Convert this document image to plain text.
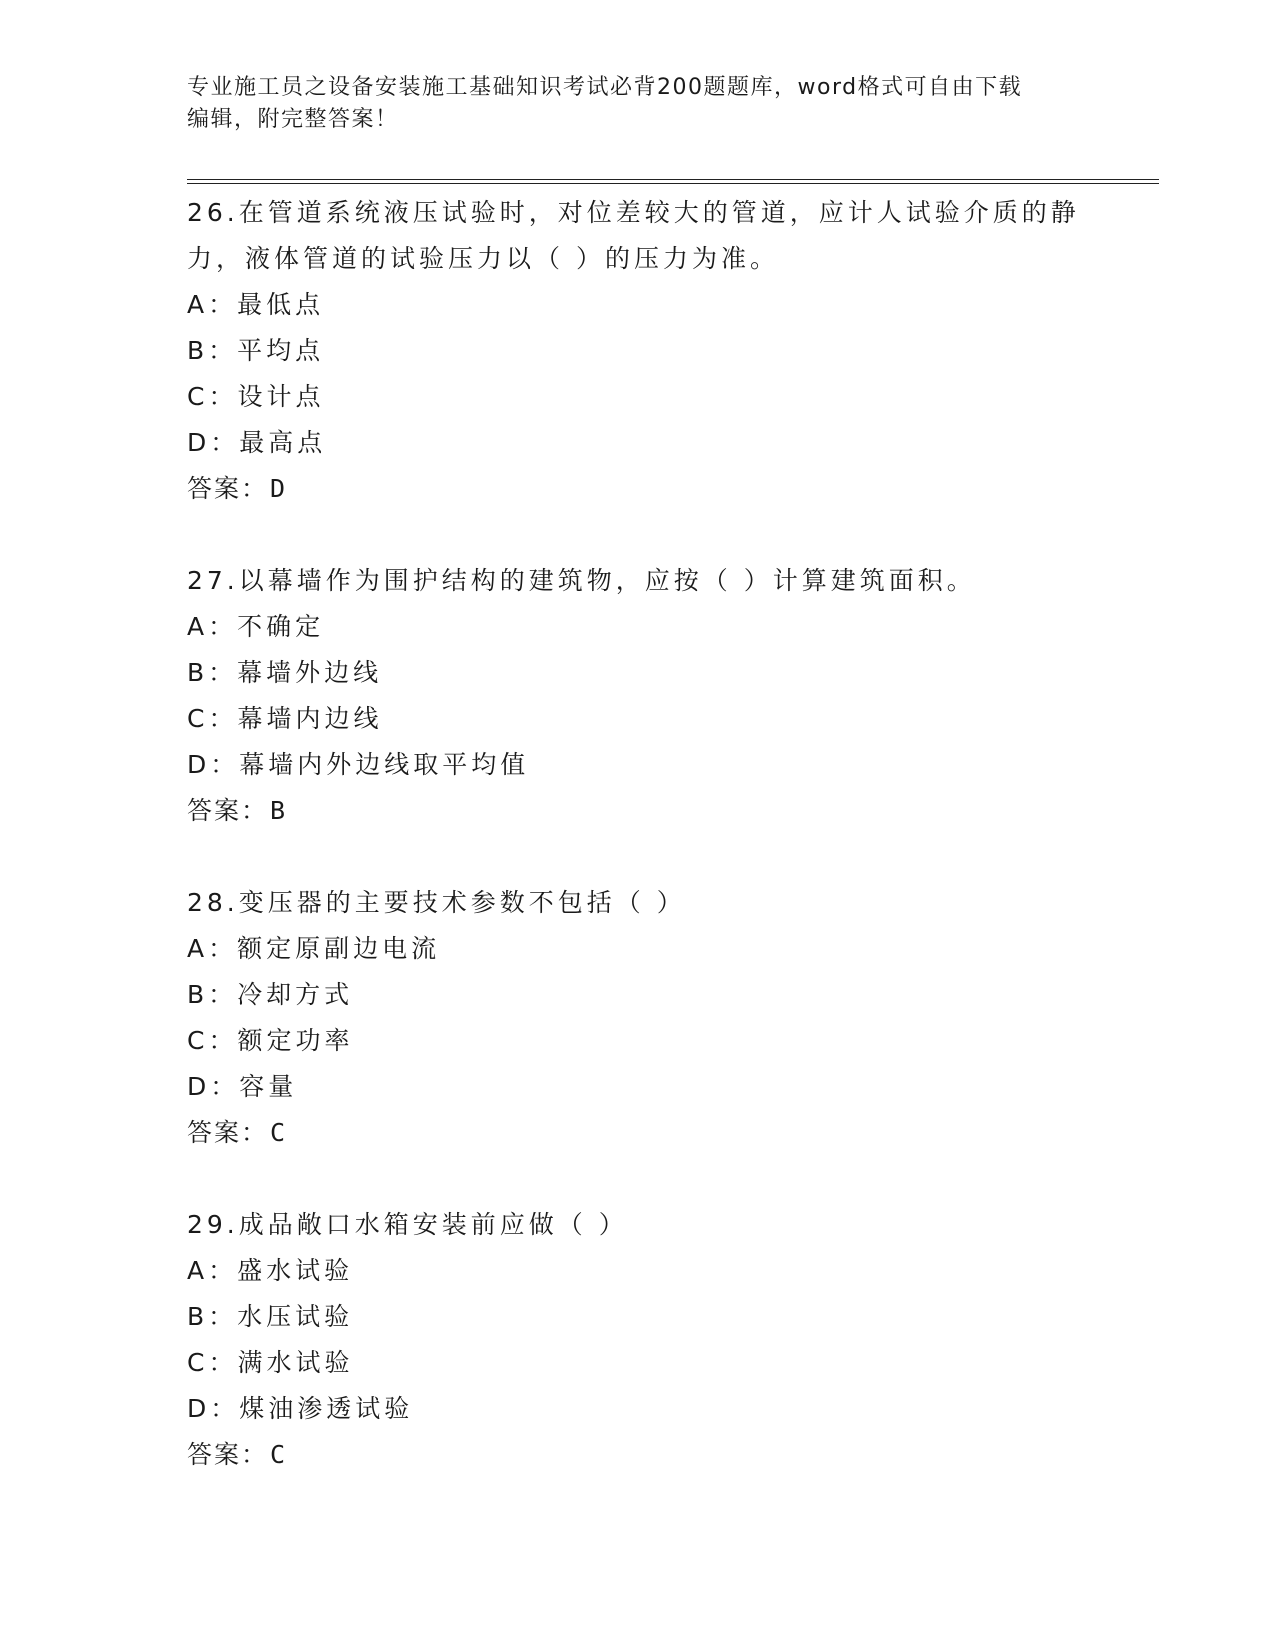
专业施工员之设备安装施工基础知识考试必背200题题库，word格式可自由下载
编辑，附完整答案！

26.在管道系统液压试验时，对位差较大的管道，应计人试验介质的静

力，液体管道的试验压力以（ ）的压力为准。

A：最低点

B：平均点

C：设计点

D：最高点

答案：D

27.以幕墙作为围护结构的建筑物，应按（ ）计算建筑面积。

A：不确定

B：幕墙外边线

C：幕墙内边线

D：幕墙内外边线取平均值

答案：B

28.变压器的主要技术参数不包括（ ）

A：额定原副边电流

B：冷却方式

C：额定功率

D：容量

答案：C

29.成品敞口水箱安装前应做（ ）

A：盛水试验

B：水压试验

C：满水试验

D：煤油渗透试验

答案：C
